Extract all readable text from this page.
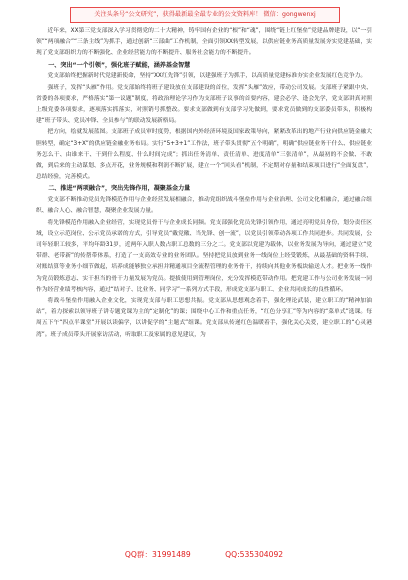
关注头条号“公文研究”，获得最新最全最专业的公文资料库！ 微信：gongwenxj

近年来，XX第三党支部深入学习贯彻党的二十大精神，铸牢国有企业的“根”和“魂”，围绕“链上红堡垒”党建品牌建设，以“一引领”“两项融合”“三条主线”为抓手，通过创新“三部曲”工作机制，全面引领XX转型发展，以供应链业务高质量发展夯实党建基础，实现了党支部组织力的不断强化、企业经营能力的不断提升、服务社会能力的不断提升。

一、突出“一个引领”，强化班子赋能，涵养基金智慧

党支部始终把握新时代党建新使命，坚持“XX红先锋”引领，以建强班子为抓手，以高质量党建标准夯实企业发展红色竞争力。

强班子，发挥“头雁”作用。党支部始终将班子建设放在支部建设的首位，发挥“头雁”效应，带动公司发展。支部班子紧跟中央、省委的各项要求，严格落实“第一议题”制度，将政治理论学习作为支部班子议事的首要内容，建会必学、逢会先学，党支部讲真对照上级党委各项要求，逐项落实抓落实，对照销号抓整改。要求支部做到有支部学习先做到，要求党员做到的支部委员带头，积极构建“班子带头、党员冲锋、全员参与”的联动发展新格局。

把方向，绘就发展蓝图。支部班子成员审时度势，根据国内外经济环境及国家政策导向，紧紧改革出的地产行业向供应链金融大胆转型，确定“3+X”的供应链金融业务布局。实行“5+3+1”工作法，班子带头贯彻“五个明确”，明确“供应链业务干什么、供应链业务怎么干、由谁来干、干到什么程度、什么时间完成”；抓出任务清单、责任清单、进度清单“三张清单”，从最初的不会做、不敢做，到后来的主动谋划、多点开花，业务规模和利润不断扩展，建立一个“回头看”机制，不定期对存量和结束项目进行“全面复盘”，总结经验，完善模式。

二、推进“两项融合”，突出先锋作用，凝聚基金力量

党支部不断推动党员先锋模范作用与企业经营发展相融合，推动党组织战斗堡垒作用与企业治理、公司文化相融合，通过融合组织、融合人心、融合智慧，凝聚企业发展力量。

将先锋模范作用融入企业经营，实现党员骨干与企业成长同频。党支部强化党员先锋引领作用，通过亮明党员身份，划分责任区域，设立示范岗位、公示党员承诺的方式，引导党员“戴党徽、当先锋、创一流”，以党员引领带动各项工作共同进步。共同发展，公司年轻职工较多，平均年龄31岁，近两年入职人数占职工总数的三分之二。党支部以党建为载体，以业务发展为导向，通过建立“党带群、老带新”的传帮带体系，打造了一支高效专业的业务团队。坚持把党员放到业务一线岗位上经受锻炼，从最基础的资料手续、对账结算等业务小细节做起，培养成能够独立承担并精通项目全流程管理的业务骨干，持续向其他业务板块输送人才。把业务一线作为党员锻炼意志、实干担当的骨干力量发展为党员。提拔使用到管理岗位，充分发挥模范带动作用。把党建工作与公司业务发展一同作为经营业绩考核内容，通过“结对子、比业务、同学习”一系列方式手段，形成党支部与职工、企业共同成长的良性循环。

将战斗堡垒作用融入企业文化，实现党支部与职工思想共振。党支部从思想观念着手，强化理论武装，建立职工的“精神加油站”，着力探索以领导班子讲专题党课为主的“定制化”的课；围绕中心工作和重点任务，“红色分享汇”等为内容的“菜单式”选课。每周五下午“四点半课堂”开展以读偏学，以讲促学的“主题式”组课。党支部从传递红色温暖着手，强化关心关爱，建立职工的“心灵港湾”。班子成员带头开展家访活动，听取职工及家属的意见建议，为

QQ群：31991489	QQ:535304092
